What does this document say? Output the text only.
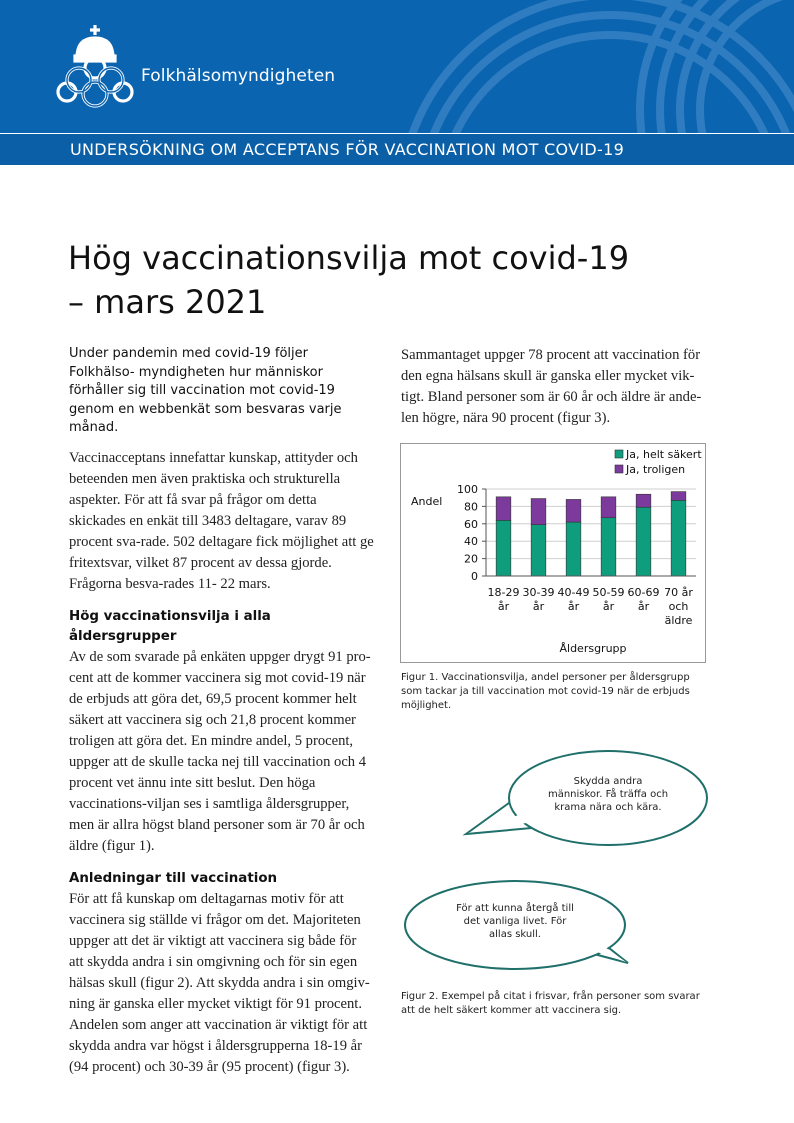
Folkhälsomyndigheten
UNDERSÖKNING OM ACCEPTANS FÖR VACCINATION MOT COVID-19
Hög vaccinationsvilja mot covid-19
– mars 2021

Under pandemin med covid-19 följer Folkhälso- myndigheten hur människor förhåller sig till vaccination mot covid-19 genom en webbenkät som besvaras varje månad.

Vaccinacceptans innefattar kunskap, attityder och beteenden men även praktiska och strukturella aspekter. För att få svar på frågor om detta skickades en enkät till 3483 deltagare, varav 89 procent sva-rade. 502 deltagare fick möjlighet att ge fritextsvar, vilket 87 procent av dessa gjorde. Frågorna besva-rades 11- 22 mars.

Hög vaccinationsvilja i alla åldersgrupper

Av de som svarade på enkäten uppger drygt 91 pro-cent att de kommer vaccinera sig mot covid-19 när de erbjuds att göra det, 69,5 procent kommer helt säkert att vaccinera sig och 21,8 procent kommer troligen att göra det. En mindre andel, 5 procent, uppger att de skulle tacka nej till vaccination och 4 procent vet ännu inte sitt beslut. Den höga vaccinations-viljan ses i samtliga åldersgrupper, men är allra högst bland personer som är 70 år och äldre (figur 1).

Anledningar till vaccination

För att få kunskap om deltagarnas motiv för att vaccinera sig ställde vi frågor om det. Majoriteten uppger att det är viktigt att vaccinera sig både för att skydda andra i sin omgivning och för sin egen hälsas skull (figur 2). Att skydda andra i sin omgiv-ning är ganska eller mycket viktigt för 91 procent. Andelen som anger att vaccination är viktigt för att skydda andra var högst i åldersgrupperna 18-19 år (94 procent) och 30-39 år (95 procent) (figur 3).

Sammantaget uppger 78 procent att vaccination för den egna hälsans skull är ganska eller mycket vik-tigt. Bland personer som är 60 år och äldre är ande-len högre, nära 90 procent (figur 3).

0
20
40
60
80
100
18-29
år
30-39
år
40-49
år
50-59
år
60-69
år
70 år
och
äldre
Ja, helt säkert
Ja, troligen
Andel
Åldersgrupp
Figur 1. Vaccinationsvilja, andel personer per åldersgrupp som tackar ja till vaccination mot covid-19 när de erbjuds möjlighet.
Skydda andra
människor. Få träffa och
krama nära och kära.
För att kunna återgå till
det vanliga livet. För
allas skull.
Figur 2. Exempel på citat i frisvar, från personer som svarar att de helt säkert kommer att vaccinera sig.
